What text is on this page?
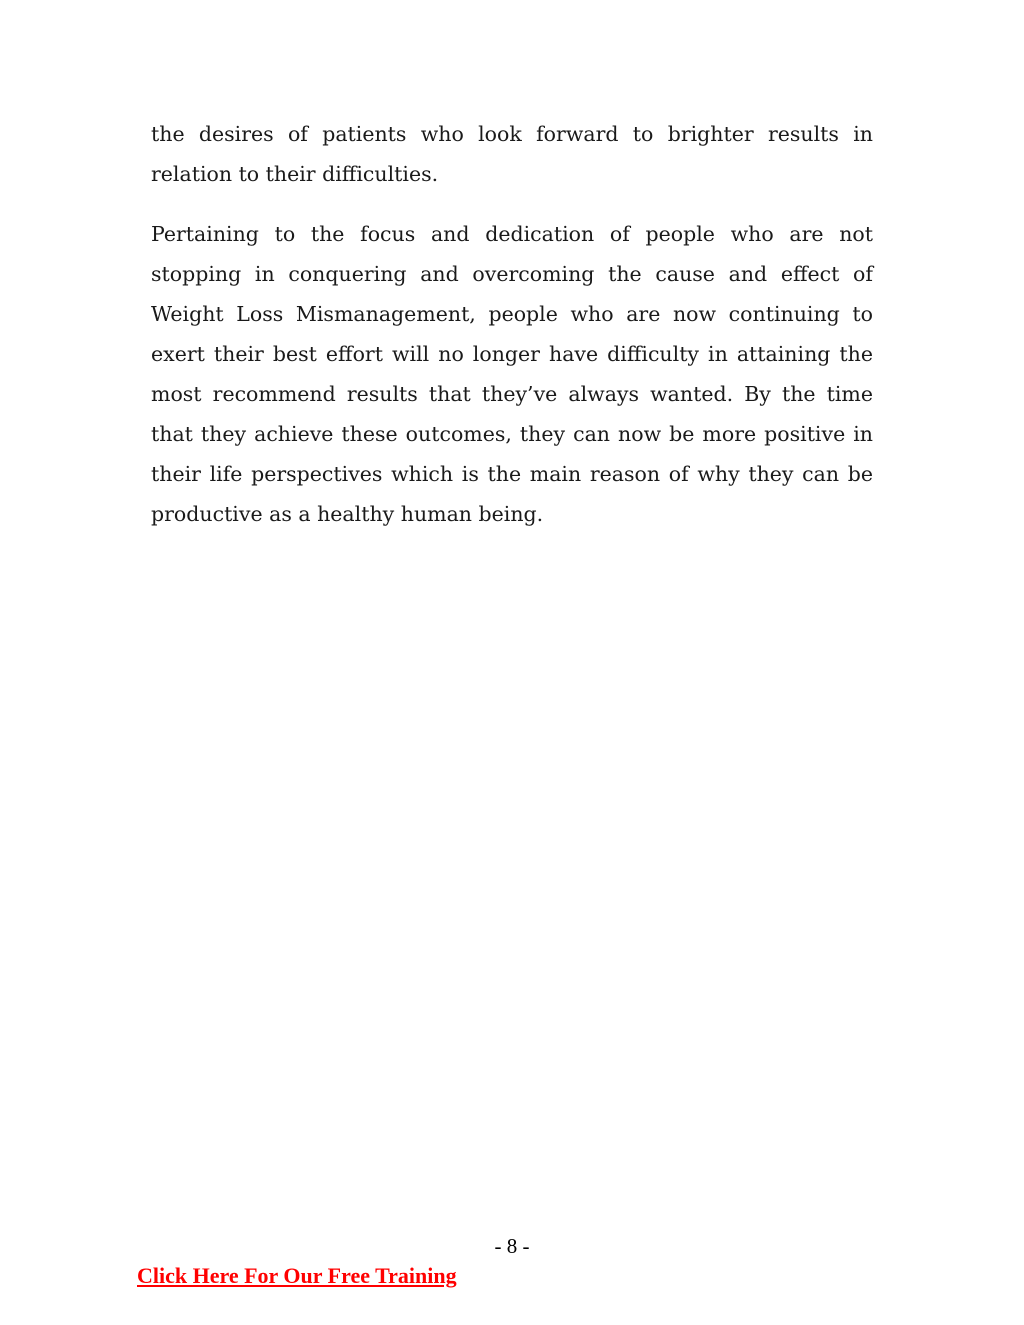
the desires of patients who look forward to brighter results in relation to their difficulties.

Pertaining to the focus and dedication of people who are not stopping in conquering and overcoming the cause and effect of Weight Loss Mismanagement, people who are now continuing to exert their best effort will no longer have difficulty in attaining the most recommend results that they’ve always wanted. By the time that they achieve these outcomes, they can now be more positive in their life perspectives which is the main reason of why they can be productive as a healthy human being.

- 8 -
Click Here For Our Free Training
